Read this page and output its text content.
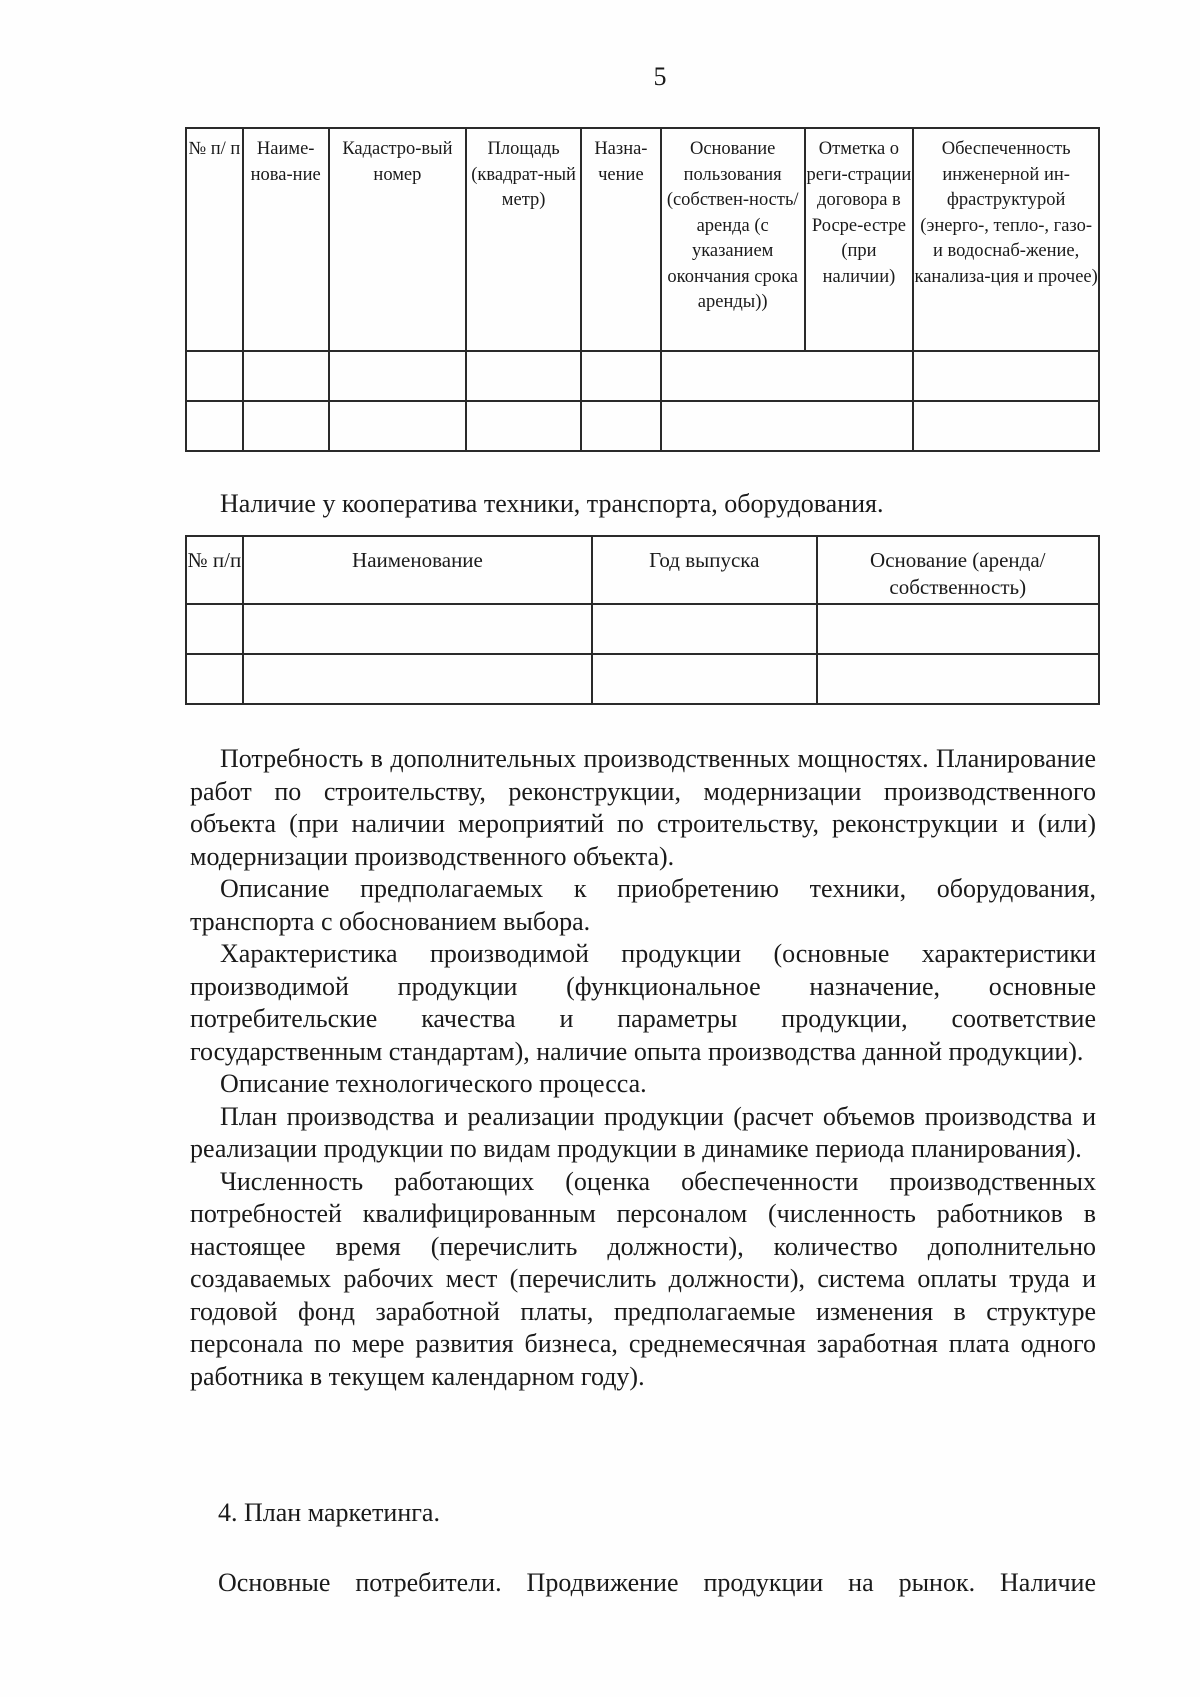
5
№ п/ п	Наиме-нова-ние	Кадастро-вый номер	Площадь (квадрат-ный метр)	Назна-чение	Основание пользования (собствен-ность/аренда (с указанием окончания срока аренды))	Отметка о реги-страции договора в Росре-естре (при наличии)	Обеспеченность инженерной ин-фраструктурой (энерго-, тепло-, газо- и водоснаб-жение, канализа-ция и прочее)

Наличие у кооператива техники, транспорта, оборудования.
№ п/п	Наименование	Год выпуска	Основание (аренда/собственность)

Потребность в дополнительных производственных мощностях. Планирование работ по строительству, реконструкции, модернизации производственного объекта (при наличии мероприятий по строительству, реконструкции и (или) модернизации производственного объекта).

Описание предполагаемых к приобретению техники, оборудования, транспорта с обоснованием выбора.

Характеристика производимой продукции (основные характеристики производимой продукции (функциональное назначение, основные потребительские качества и параметры продукции, соответствие государственным стандартам), наличие опыта производства данной продукции).

Описание технологического процесса.

План производства и реализации продукции (расчет объемов производства и реализации продукции по видам продукции в динамике периода планирования).

Численность работающих (оценка обеспеченности производственных потребностей квалифицированным персоналом (численность работников в настоящее время (перечислить должности), количество дополнительно создаваемых рабочих мест (перечислить должности), система оплаты труда и годовой фонд заработной платы, предполагаемые изменения в структуре персонала по мере развития бизнеса, среднемесячная заработная плата одного работника в текущем календарном году).

4. План маркетинга.
Основные потребители. Продвижение продукции на рынок. Наличие
